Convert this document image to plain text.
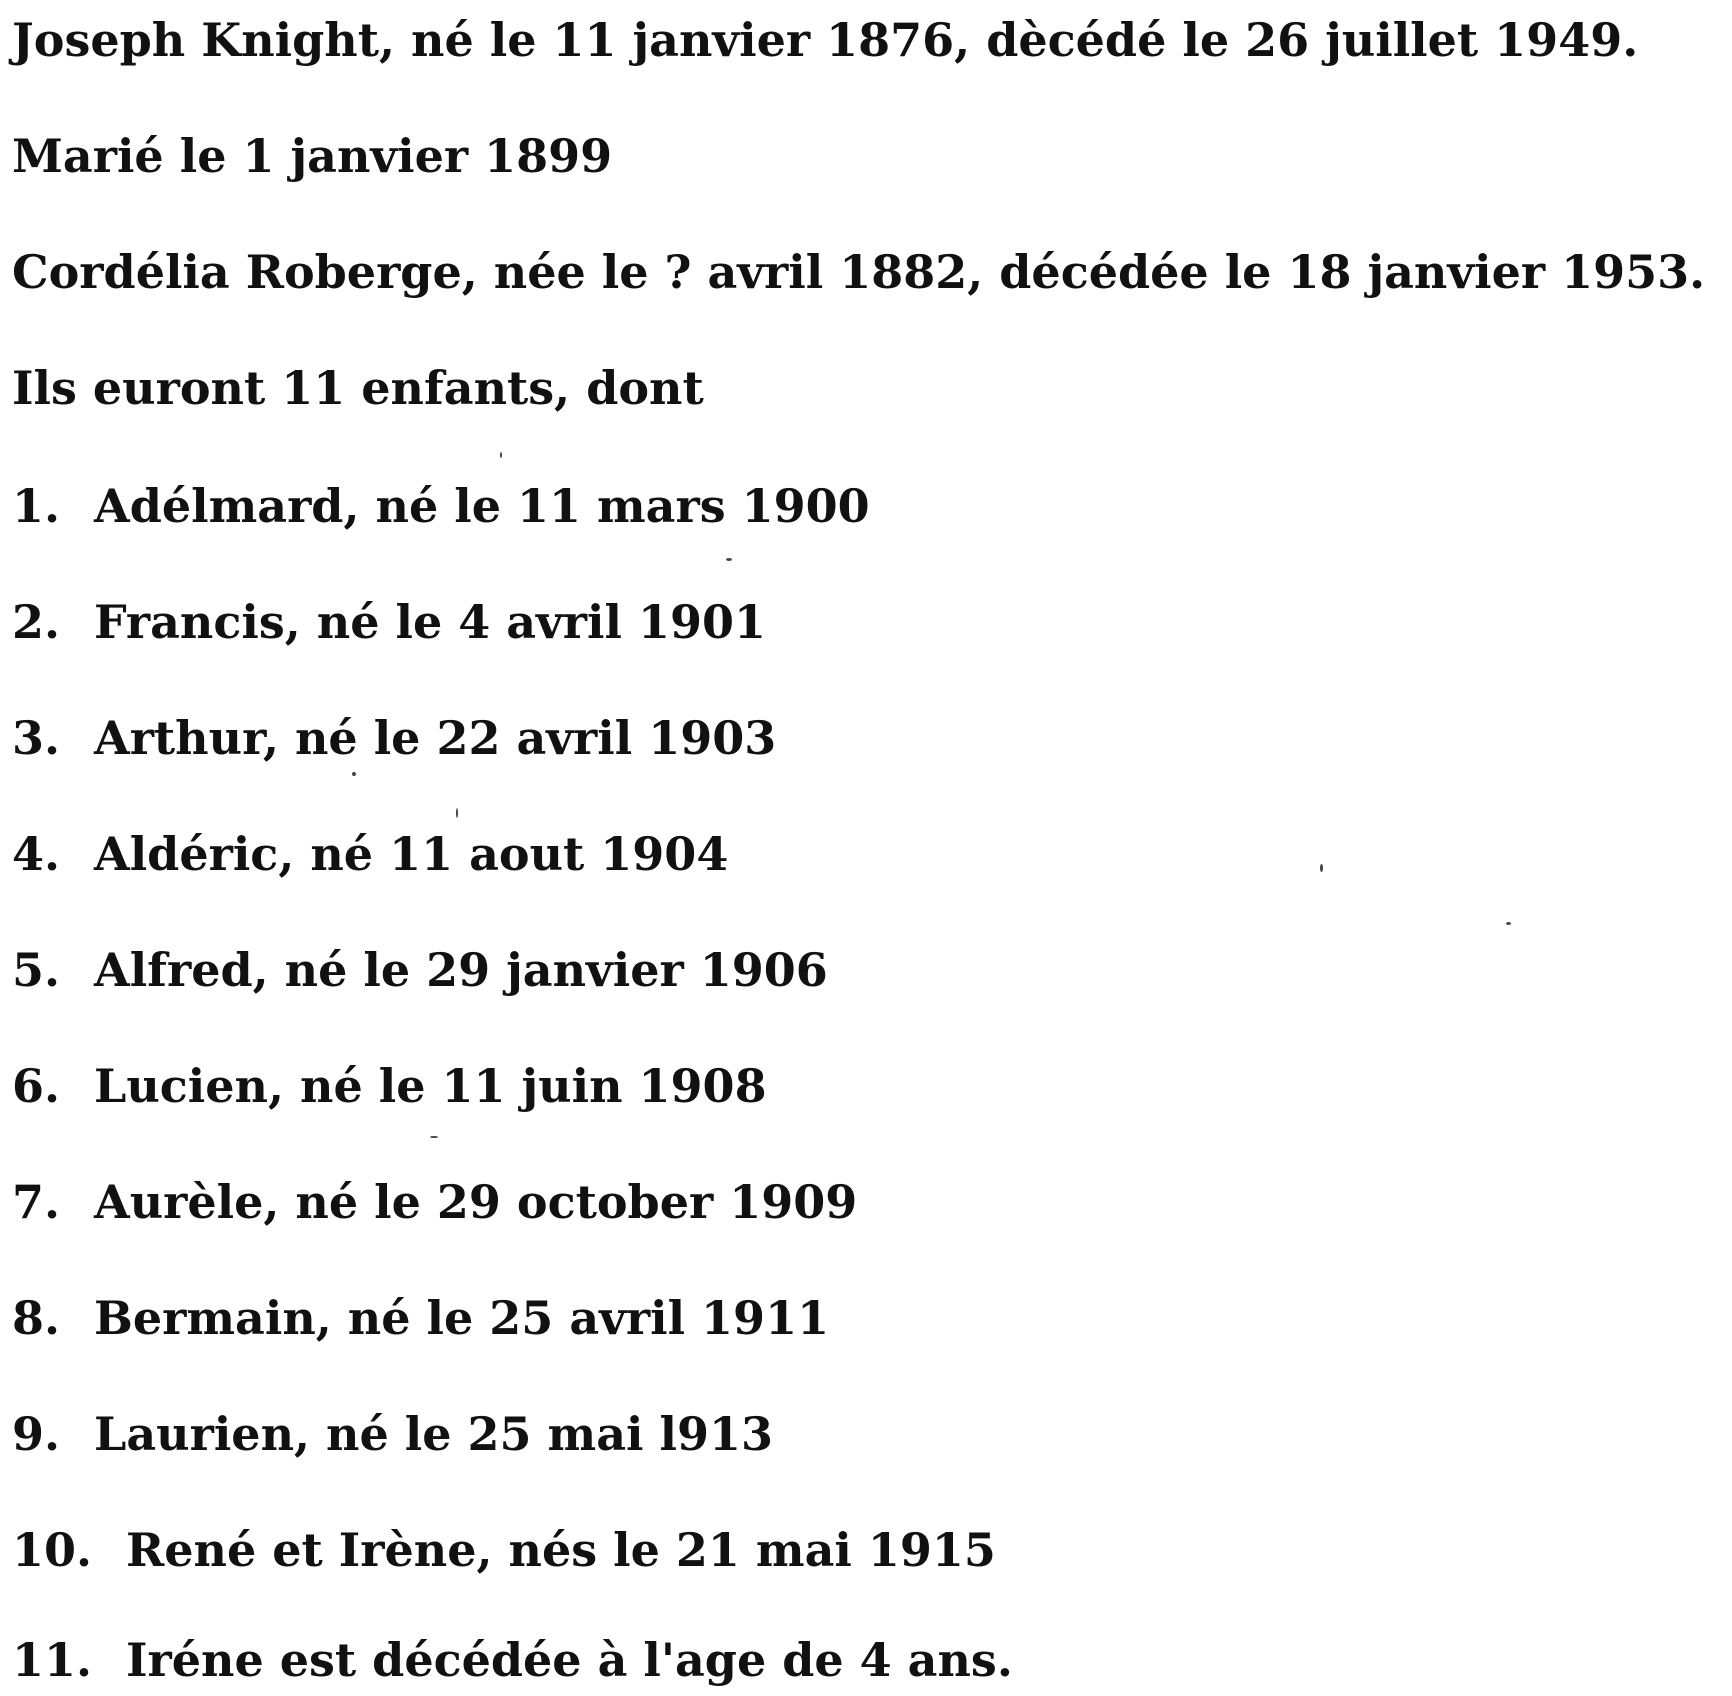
Joseph Knight, né le 11 janvier 1876, dècédé le 26 juillet 1949.
Marié le 1 janvier 1899
Cordélia Roberge, née le ? avril 1882, décédée le 18 janvier 1953.
Ils euront 11 enfants, dont
1. Adélmard, né le 11 mars 1900
2. Francis, né le 4 avril 1901
3. Arthur, né le 22 avril 1903
4. Aldéric, né 11 aout 1904
5. Alfred, né le 29 janvier 1906
6. Lucien, né le 11 juin 1908
7. Aurèle, né le 29 october 1909
8. Bermain, né le 25 avril 1911
9. Laurien, né le 25 mai l913
10. René et Irène, nés le 21 mai 1915
11. Iréne est décédée à l'age de 4 ans.
